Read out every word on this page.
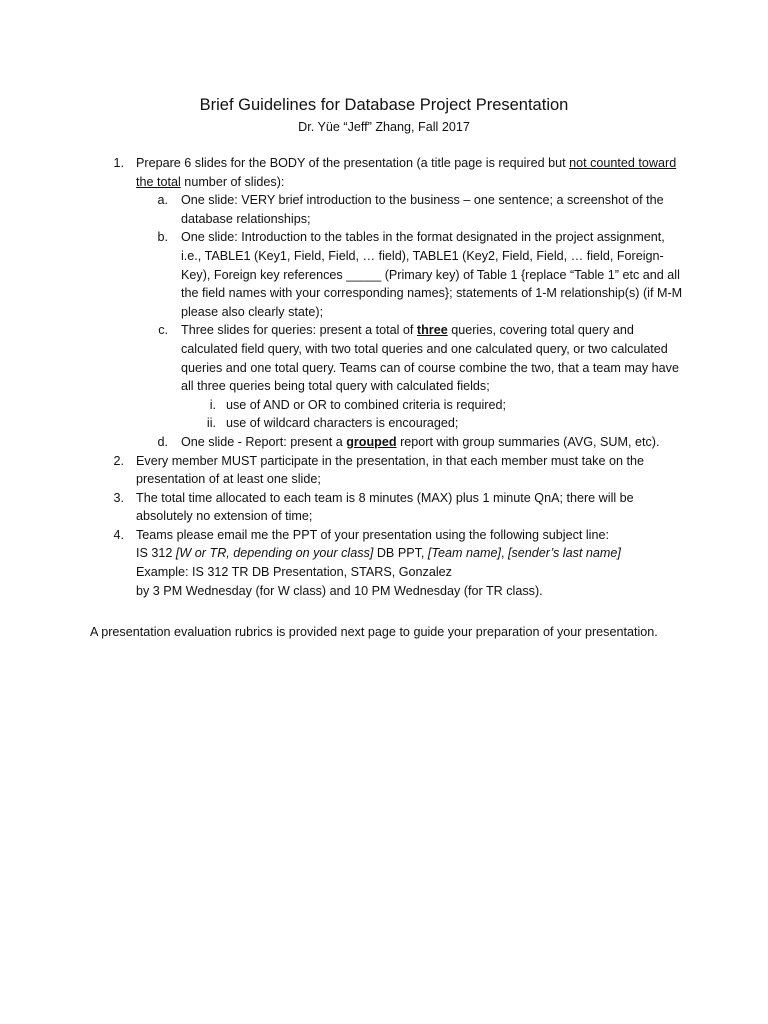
Brief Guidelines for Database Project Presentation
Dr. Yüe “Jeff” Zhang, Fall 2017
1. Prepare 6 slides for the BODY of the presentation (a title page is required but not counted toward the total number of slides):
a. One slide: VERY brief introduction to the business – one sentence; a screenshot of the database relationships;
b. One slide: Introduction to the tables in the format designated in the project assignment, i.e., TABLE1 (Key1, Field, Field, … field), TABLE1 (Key2, Field, Field, … field, Foreign-Key), Foreign key references _____ (Primary key) of Table 1 {replace “Table 1” etc and all the field names with your corresponding names}; statements of 1-M relationship(s) (if M-M please also clearly state);
c. Three slides for queries: present a total of three queries, covering total query and calculated field query, with two total queries and one calculated query, or two calculated queries and one total query. Teams can of course combine the two, that a team may have all three queries being total query with calculated fields;
i. use of AND or OR to combined criteria is required;
ii. use of wildcard characters is encouraged;
d. One slide - Report: present a grouped report with group summaries (AVG, SUM, etc).
2. Every member MUST participate in the presentation, in that each member must take on the presentation of at least one slide;
3. The total time allocated to each team is 8 minutes (MAX) plus 1 minute QnA; there will be absolutely no extension of time;
4. Teams please email me the PPT of your presentation using the following subject line:
IS 312 [W or TR, depending on your class] DB PPT, [Team name], [sender’s last name]
Example: IS 312 TR DB Presentation, STARS, Gonzalez
by 3 PM Wednesday (for W class) and 10 PM Wednesday (for TR class).
A presentation evaluation rubrics is provided next page to guide your preparation of your presentation.
